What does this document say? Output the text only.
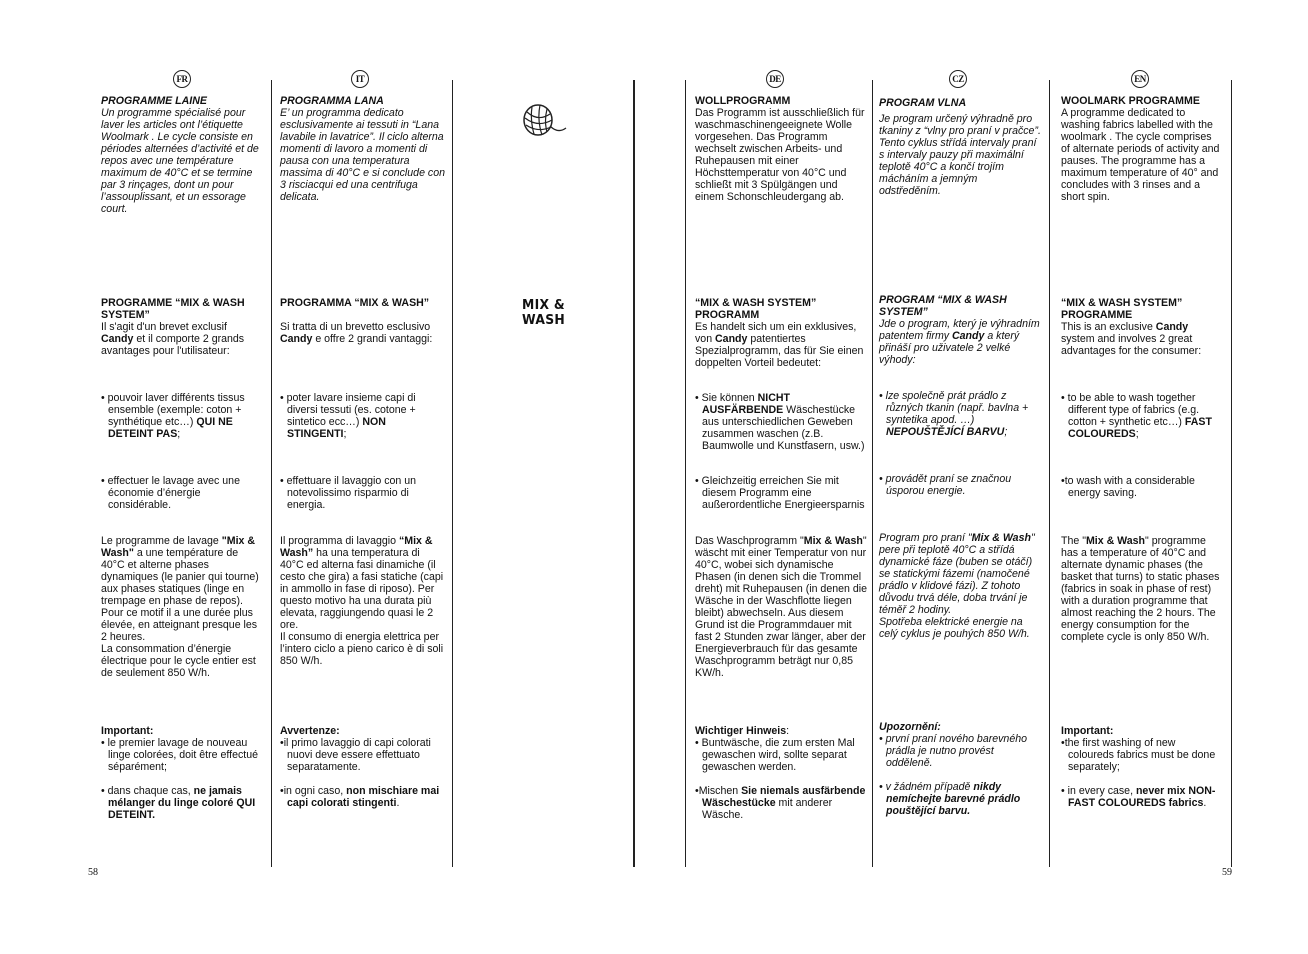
FR	IT	DE	CZ	EN
MIX &
WASH

PROGRAMME LAINE

Un programme spécialisé pour laver les articles ont l’étiquette Woolmark . Le cycle consiste en périodes alternées d’activité et de repos avec une température maximum de 40°C et se termine par 3 rinçages, dont un pour l’assouplissant, et un essorage court.

PROGRAMME “MIX & WASH SYSTEM”

Il s'agit d'un brevet exclusif Candy et il comporte 2 grands avantages pour l'utilisateur:

• pouvoir laver différents tissus ensemble (exemple: coton + synthétique etc…) QUI NE DETEINT PAS;
• effectuer le lavage avec une économie d’énergie considérable.

Le programme de lavage "Mix & Wash" a une température de 40°C et alterne phases dynamiques (le panier qui tourne) aux phases statiques (linge en trempage en phase de repos).

Pour ce motif il a une durée plus élevée, en atteignant presque les 2 heures.

La consommation d’énergie électrique pour le cycle entier est de seulement 850 W/h.

Important:

• le premier lavage de nouveau linge colorées, doit être effectué séparément;

• dans chaque cas, ne jamais mélanger du linge coloré QUI DETEINT.

PROGRAMMA LANA

E’ un programma dedicato esclusivamente ai tessuti in “Lana lavabile in lavatrice”. Il ciclo alterna momenti di lavoro a momenti di pausa con una temperatura massima di 40°C e si conclude con 3 risciacqui ed una centrifuga delicata.

PROGRAMMA “MIX & WASH”

Si tratta di un brevetto esclusivo Candy e offre 2 grandi vantaggi:

• poter lavare insieme capi di diversi tessuti (es. cotone + sintetico ecc…) NON STINGENTI;
• effettuare il lavaggio con un notevolissimo risparmio di energia.

Il programma di lavaggio “Mix & Wash” ha una temperatura di 40°C ed alterna fasi dinamiche (il cesto che gira) a fasi statiche (capi in ammollo in fase di riposo). Per questo motivo ha una durata più elevata, raggiungendo quasi le 2 ore.

Il consumo di energia elettrica per l’intero ciclo a pieno carico è di soli 850 W/h.

Avvertenze:

•il primo lavaggio di capi colorati nuovi deve essere effettuato separatamente.

•in ogni caso, non mischiare mai capi colorati stingenti.

WOLLPROGRAMM

Das Programm ist ausschließlich für waschmaschinengeeignete Wolle vorgesehen. Das Programm wechselt zwischen Arbeits- und Ruhepausen mit einer Höchsttemperatur von 40°C und schließt mit 3 Spülgängen und einem Schonschleudergang ab.

“MIX & WASH SYSTEM” PROGRAMM

Es handelt sich um ein exklusives, von Candy patentiertes Spezialprogramm, das für Sie einen doppelten Vorteil bedeutet:

• Sie können NICHT AUSFÄRBENDE Wäschestücke aus unterschiedlichen Geweben zusammen waschen (z.B. Baumwolle und Kunstfasern, usw.)
• Gleichzeitig erreichen Sie mit diesem Programm eine außerordentliche Energieersparnis

Das Waschprogramm "Mix & Wash" wäscht mit einer Temperatur von nur 40°C, wobei sich dynamische Phasen (in denen sich die Trommel dreht) mit Ruhepausen (in denen die Wäsche in der Waschflotte liegen bleibt) abwechseln. Aus diesem Grund ist die Programmdauer mit fast 2 Stunden zwar länger, aber der Energieverbrauch für das gesamte Waschprogramm beträgt nur 0,85 KW/h.

Wichtiger Hinweis:

• Buntwäsche, die zum ersten Mal gewaschen wird, sollte separat gewaschen werden.

•Mischen Sie niemals ausfärbende Wäschestücke mit anderer Wäsche.

PROGRAM VLNA

Je program určený výhradně pro tkaniny z “vlny pro praní v pračce”. Tento cyklus střídá intervaly praní s intervaly pauzy při maximální teplotě 40°C a končí trojím mácháním a jemným odstředěním.

PROGRAM “MIX & WASH SYSTEM”

Jde o program, který je výhradním patentem firmy Candy a který přináší pro uživatele 2 velké výhody:

• lze společně prát prádlo z různých tkanin (např. bavlna + syntetika apod. …) NEPOUŠTĚJÍCÍ BARVU;
• provádět praní se značnou úsporou energie.

Program pro praní "Mix & Wash" pere při teplotě 40°C a střídá dynamické fáze (buben se otáčí) se statickými fázemi (namočené prádlo v klidové fázi). Z tohoto důvodu trvá déle, doba trvání je téměř 2 hodiny.

Spotřeba elektrické energie na celý cyklus je pouhých 850 W/h.

Upozornění:

• první praní nového barevného prádla je nutno provést odděleně.

• v žádném případě nikdy nemíchejte barevné prádlo pouštějící barvu.

WOOLMARK PROGRAMME

A programme dedicated to washing fabrics labelled with the woolmark . The cycle comprises of alternate periods of activity and pauses. The programme has a maximum temperature of 40° and concludes with 3 rinses and a short spin.

“MIX & WASH SYSTEM” PROGRAMME

This is an exclusive Candy system and involves 2 great advantages for the consumer:

• to be able to wash together different type of fabrics (e.g. cotton + synthetic etc…) FAST COLOUREDS;
•to wash with a considerable energy saving.

The "Mix & Wash" programme has a temperature of 40°C and alternate dynamic phases (the basket that turns) to static phases (fabrics in soak in phase of rest) with a duration programme that almost reaching the 2 hours. The energy consumption for the complete cycle is only 850 W/h.

Important:

•the first washing of new coloureds fabrics must be done separately;

• in every case, never mix NON-FAST COLOUREDS fabrics.

58	59
